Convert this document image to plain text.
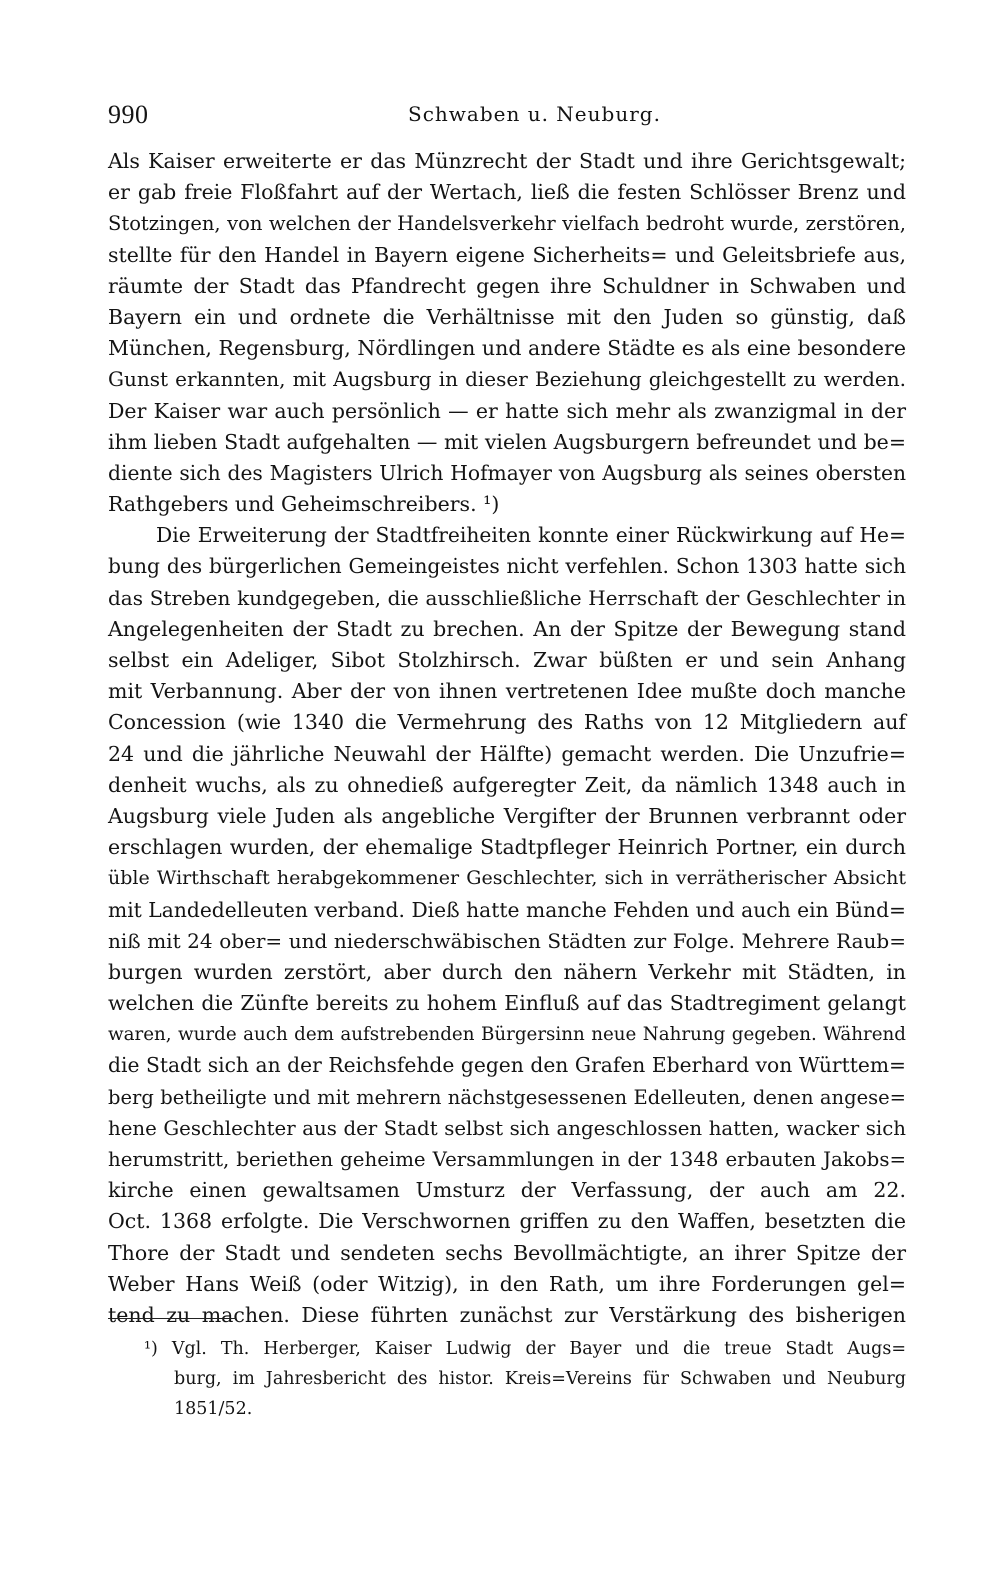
990	Schwaben u. Neuburg.
Als Kaiser erweiterte er das Münzrecht der Stadt und ihre Gerichtsgewalt;
er gab freie Floßfahrt auf der Wertach, ließ die festen Schlösser Brenz und
Stotzingen, von welchen der Handelsverkehr vielfach bedroht wurde, zerstören,
stellte für den Handel in Bayern eigene Sicherheits= und Geleitsbriefe aus,
räumte der Stadt das Pfandrecht gegen ihre Schuldner in Schwaben und
Bayern ein und ordnete die Verhältnisse mit den Juden so günstig, daß
München, Regensburg, Nördlingen und andere Städte es als eine besondere
Gunst erkannten, mit Augsburg in dieser Beziehung gleichgestellt zu werden.
Der Kaiser war auch persönlich — er hatte sich mehr als zwanzigmal in der
ihm lieben Stadt aufgehalten — mit vielen Augsburgern befreundet und be=
diente sich des Magisters Ulrich Hofmayer von Augsburg als seines obersten
Rathgebers und Geheimschreibers. ¹)
Die Erweiterung der Stadtfreiheiten konnte einer Rückwirkung auf He=
bung des bürgerlichen Gemeingeistes nicht verfehlen. Schon 1303 hatte sich
das Streben kundgegeben, die ausschließliche Herrschaft der Geschlechter in
Angelegenheiten der Stadt zu brechen. An der Spitze der Bewegung stand
selbst ein Adeliger, Sibot Stolzhirsch. Zwar büßten er und sein Anhang
mit Verbannung. Aber der von ihnen vertretenen Idee mußte doch manche
Concession (wie 1340 die Vermehrung des Raths von 12 Mitgliedern auf
24 und die jährliche Neuwahl der Hälfte) gemacht werden. Die Unzufrie=
denheit wuchs, als zu ohnedieß aufgeregter Zeit, da nämlich 1348 auch in
Augsburg viele Juden als angebliche Vergifter der Brunnen verbrannt oder
erschlagen wurden, der ehemalige Stadtpfleger Heinrich Portner, ein durch
üble Wirthschaft herabgekommener Geschlechter, sich in verrätherischer Absicht
mit Landedelleuten verband. Dieß hatte manche Fehden und auch ein Bünd=
niß mit 24 ober= und niederschwäbischen Städten zur Folge. Mehrere Raub=
burgen wurden zerstört, aber durch den nähern Verkehr mit Städten, in
welchen die Zünfte bereits zu hohem Einfluß auf das Stadtregiment gelangt
waren, wurde auch dem aufstrebenden Bürgersinn neue Nahrung gegeben. Während
die Stadt sich an der Reichsfehde gegen den Grafen Eberhard von Württem=
berg betheiligte und mit mehrern nächstgesessenen Edelleuten, denen angese=
hene Geschlechter aus der Stadt selbst sich angeschlossen hatten, wacker sich
herumstritt, beriethen geheime Versammlungen in der 1348 erbauten Jakobs=
kirche einen gewaltsamen Umsturz der Verfassung, der auch am 22.
Oct. 1368 erfolgte. Die Verschwornen griffen zu den Waffen, besetzten die
Thore der Stadt und sendeten sechs Bevollmächtigte, an ihrer Spitze der
Weber Hans Weiß (oder Witzig), in den Rath, um ihre Forderungen gel=
tend zu machen. Diese führten zunächst zur Verstärkung des bisherigen
¹) Vgl. Th. Herberger, Kaiser Ludwig der Bayer und die treue Stadt Augs=
burg, im Jahresbericht des histor. Kreis=Vereins für Schwaben und Neuburg
1851/52.
